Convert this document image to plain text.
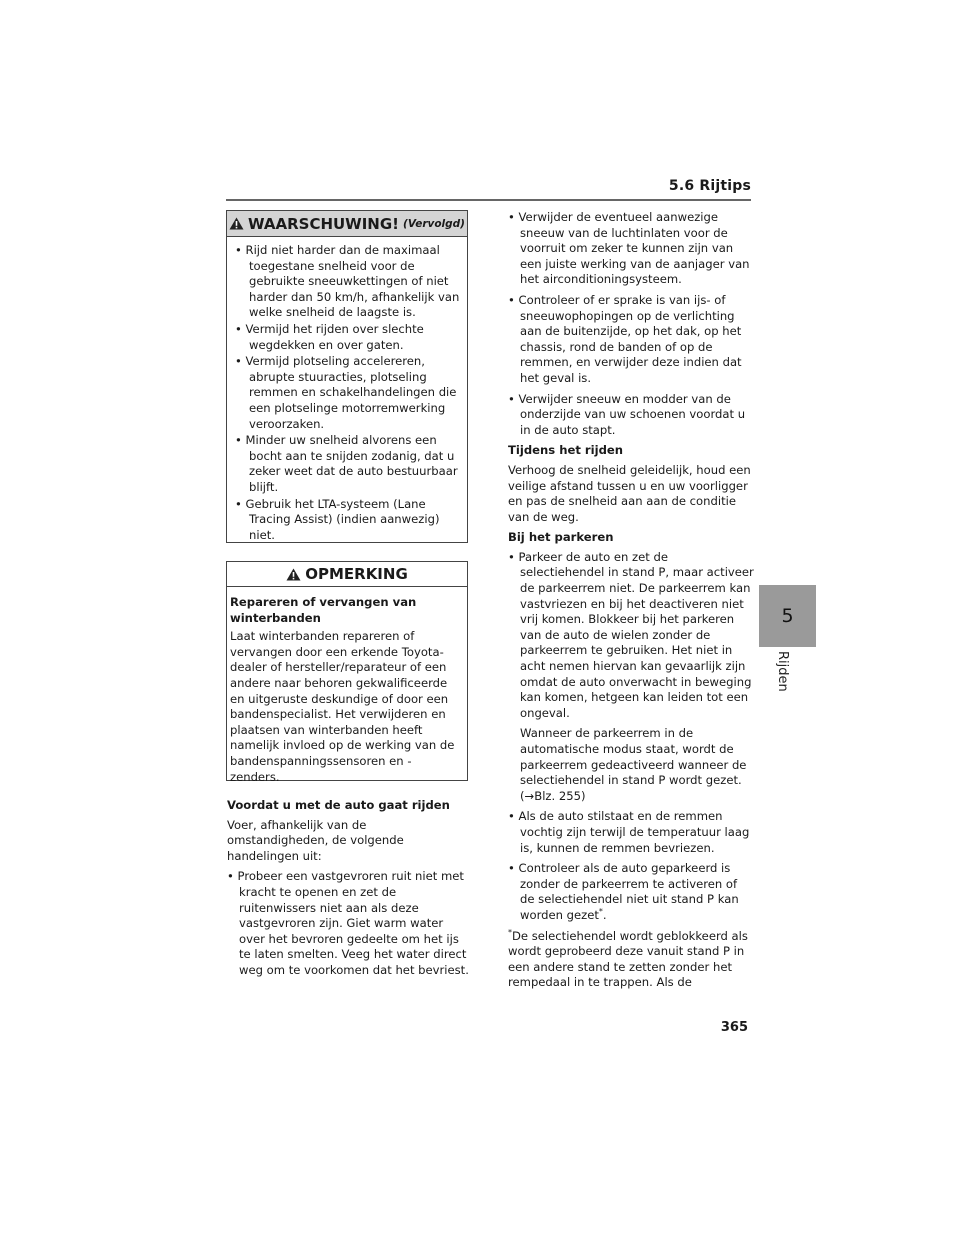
5.6 Rijtips
5
Rijden
WAARSCHUWING! (Vervolgd)
• Rijd niet harder dan de maximaal toegestane snelheid voor de gebruikte sneeuwkettingen of niet harder dan 50 km/h, afhankelijk van welke snelheid de laagste is.
• Vermijd het rijden over slechte wegdekken en over gaten.
• Vermijd plotseling accelereren, abrupte stuuracties, plotseling remmen en schakelhandelingen die een plotselinge motorremwerking veroorzaken.
• Minder uw snelheid alvorens een bocht aan te snijden zodanig, dat u zeker weet dat de auto bestuurbaar blijft.
• Gebruik het LTA-systeem (Lane Tracing Assist) (indien aanwezig) niet.
OPMERKING
Repareren of vervangen van winterbanden

Laat winterbanden repareren of vervangen door een erkende Toyota-dealer of hersteller/reparateur of een andere naar behoren gekwalificeerde en uitgeruste deskundige of door een bandenspecialist. Het verwijderen en plaatsen van winterbanden heeft namelijk invloed op de werking van de bandenspanningssensoren en -zenders.

Voordat u met de auto gaat rijden

Voer, afhankelijk van de omstandigheden, de volgende handelingen uit:

• Probeer een vastgevroren ruit niet met kracht te openen en zet de ruitenwissers niet aan als deze vastgevroren zijn. Giet warm water over het bevroren gedeelte om het ijs te laten smelten. Veeg het water direct weg om te voorkomen dat het bevriest.
• Verwijder de eventueel aanwezige sneeuw van de luchtinlaten voor de voorruit om zeker te kunnen zijn van een juiste werking van de aanjager van het airconditioningsysteem.
• Controleer of er sprake is van ijs- of sneeuwophopingen op de verlichting aan de buitenzijde, op het dak, op het chassis, rond de banden of op de remmen, en verwijder deze indien dat het geval is.
• Verwijder sneeuw en modder van de onderzijde van uw schoenen voordat u in de auto stapt.
Tijdens het rijden

Verhoog de snelheid geleidelijk, houd een veilige afstand tussen u en uw voorligger en pas de snelheid aan aan de conditie van de weg.

Bij het parkeren
• Parkeer de auto en zet de selectiehendel in stand P, maar activeer de parkeerrem niet. De parkeerrem kan vastvriezen en bij het deactiveren niet vrij komen. Blokkeer bij het parkeren van de auto de wielen zonder de parkeerrem te gebruiken. Het niet in acht nemen hiervan kan gevaarlijk zijn omdat de auto onverwacht in beweging kan komen, hetgeen kan leiden tot een ongeval.
Wanneer de parkeerrem in de automatische modus staat, wordt de parkeerrem gedeactiveerd wanneer de selectiehendel in stand P wordt gezet. (→Blz. 255)
• Als de auto stilstaat en de remmen vochtig zijn terwijl de temperatuur laag is, kunnen de remmen bevriezen.
• Controleer als de auto geparkeerd is zonder de parkeerrem te activeren of de selectiehendel niet uit stand P kan worden gezet*.

*De selectiehendel wordt geblokkeerd als wordt geprobeerd deze vanuit stand P in een andere stand te zetten zonder het rempedaal in te trappen. Als de

365
